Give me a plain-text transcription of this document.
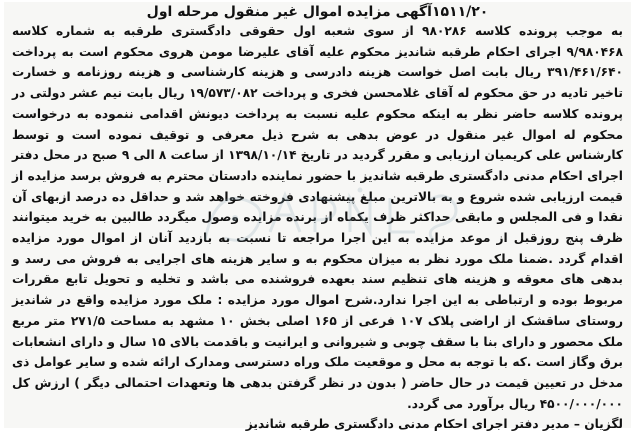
۱۵۱۱/۲۰آگهی مزایده اموال غیر منقول مرحله اول

به موجب پرونده کلاسه ۹۸۰۲۸۶ از سوی شعبه اول حقوقی دادگستری طرقبه به شماره کلاسه ۹/۹۸۰۴۶۸ اجرای احکام طرقبه شاندیز محکوم علیه آقای علیرضا مومن هروی محکوم است به پرداخت ۳۹۱/۴۶۱/۶۴۰ ریال بابت اصل خواست هزینه دادرسی و هزینه کارشناسی و هزینه روزنامه و خسارت تاخیر تادیه در حق محکوم له آقای غلامحسن فخری و پرداخت ۱۹/۵۷۳/۰۸۲ ریال بابت نیم عشر دولتی در پرونده کلاسه حاضر نظر به اینکه محکوم علیه نسبت به پرداخت دیونش اقدامی ننموده به درخواست محکوم له اموال غیر منقول در عوض بدهی به شرح ذیل معرفی و توقیف نموده است و توسط کارشناس علی کریمیان ارزیابی و مقرر گردید در تاریخ ۱۳۹۸/۱۰/۱۴ از ساعت ۸ الی ۹ صبح در محل دفتر اجرای احکام مدنی دادگستری طرقبه شاندیز با حضور نماینده دادستان محترم به فروش برسد مزایده از قیمت ارزیابی شده شروع و به بالاترین مبلغ پیشنهادی فروخته خواهد شد و حداقل ده درصد ازبهای آن نقدا و فی المجلس و مابقی حداکثر ظرف یکماه از برنده مزایده وصول میگردد طالبین به خرید میتوانند ظرف پنج روزقبل از موعد مزایده به این اجرا مراجعه تا نسبت به بازدید آنان از اموال مورد مزایده اقدام گردد .ضمنا ملک مورد نظر به میزان محکوم به و سایر هزینه های اجرایی به فروش می رسد و بدهی های معوقه و هزینه های تنظیم سند بعهده فروشنده می باشد و تخلیه و تحویل تابع مقررات مربوط بوده و ارتباطی به این اجرا ندارد.شرح اموال مورد مزایده : ملک مورد مزایده واقع در شاندیز روستای ساقشک از اراضی پلاک ۱۰۷ فرعی از ۱۶۵ اصلی بخش ۱۰ مشهد به مساحت ۲۷۱/۵ متر مربع ملک محصور و دارای بنا با سقف چوبی و شیروانی و ایرانیت و باقدمت بالای ۱۵ سال و دارای انشعابات برق وگاز است .که با توجه به محل و موقعیت ملک وراه دسترسی ومدارک ارائه شده و سایر عوامل ذی مدخل در تعیین قیمت در حال حاضر ( بدون در نظر گرفتن بدهی ها وتعهدات احتمالی دیگر ) ارزش کل ۴۵۰۰/۰۰۰/۰۰۰ ریال برآورد می گردد.

لگزیان – مدیر دفتر اجرای احکام مدنی دادگستری طرقبه شاندیز
